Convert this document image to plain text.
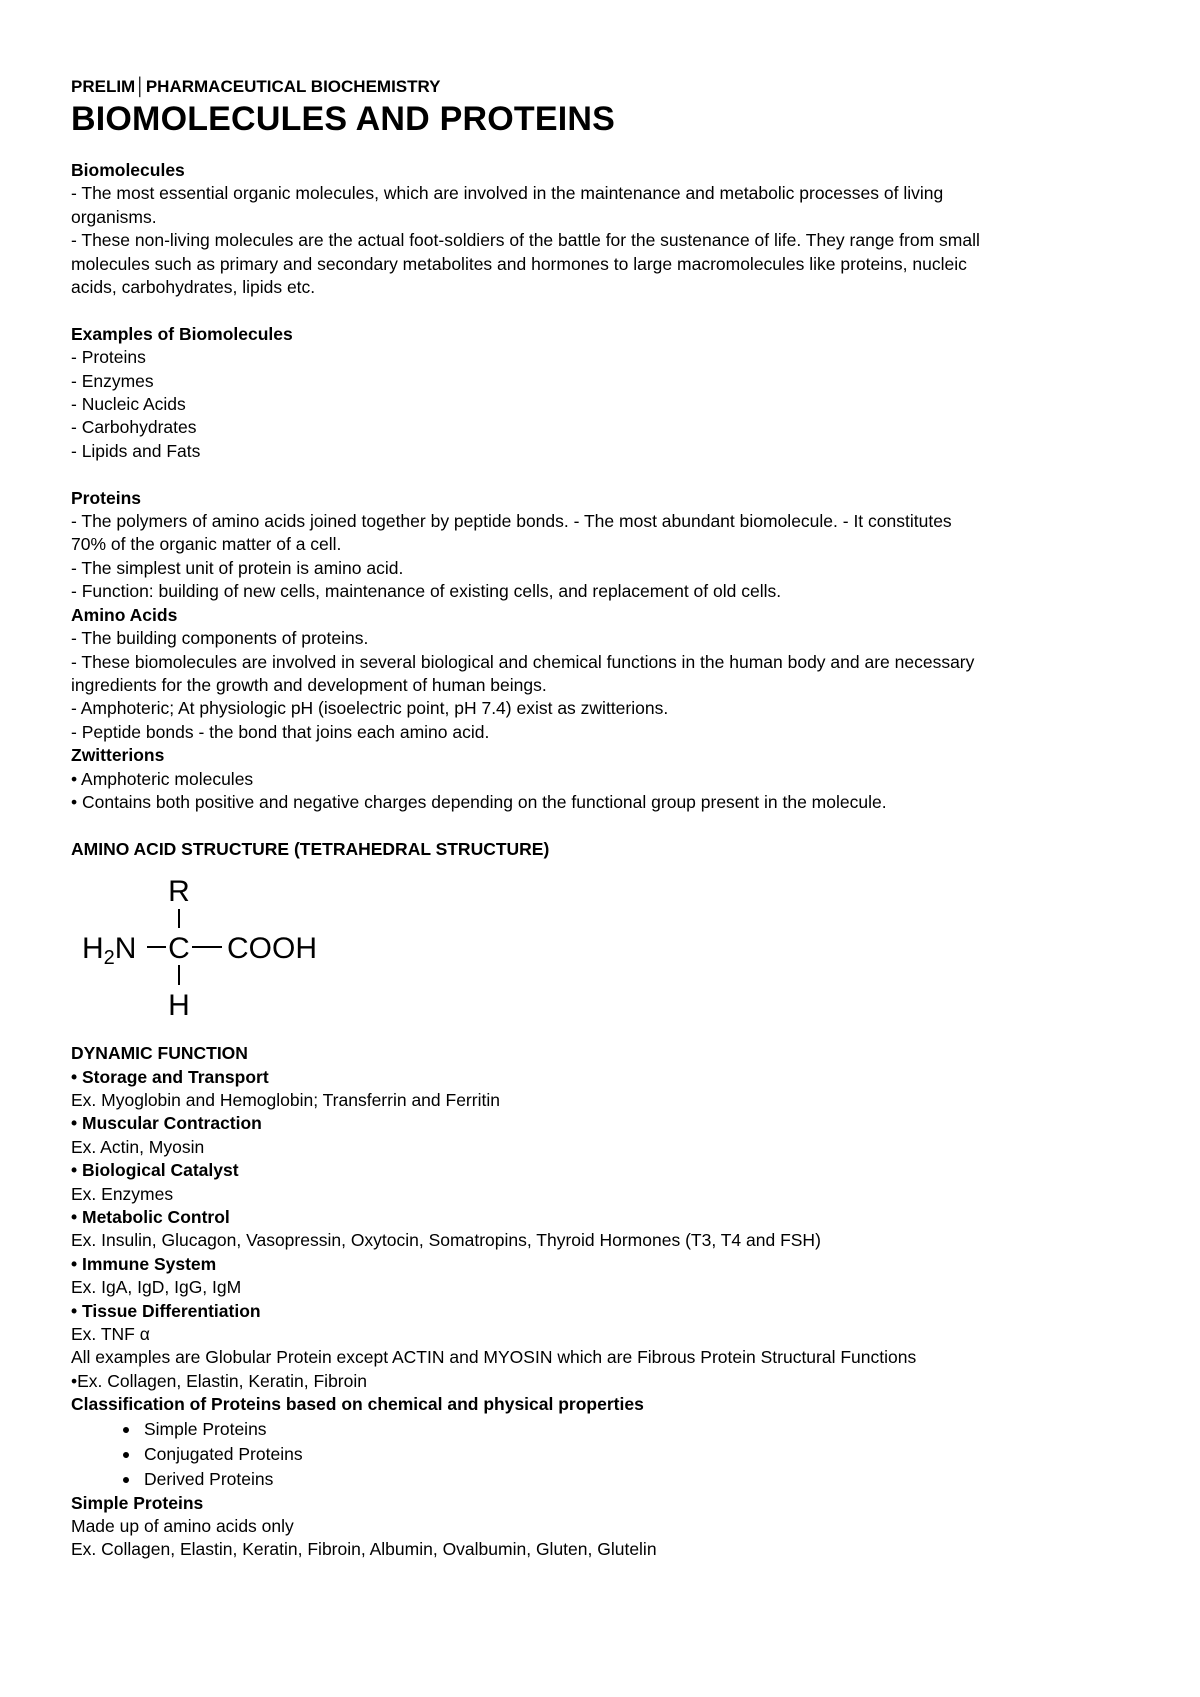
PRELIM│PHARMACEUTICAL BIOCHEMISTRY
BIOMOLECULES AND PROTEINS
Biomolecules
- The most essential organic molecules, which are involved in the maintenance and metabolic processes of living
organisms.
- These non-living molecules are the actual foot-soldiers of the battle for the sustenance of life. They range from small
molecules such as primary and secondary metabolites and hormones to large macromolecules like proteins, nucleic
acids, carbohydrates, lipids etc.
Examples of Biomolecules
- Proteins
- Enzymes
- Nucleic Acids
- Carbohydrates
- Lipids and Fats
Proteins
- The polymers of amino acids joined together by peptide bonds. - The most abundant biomolecule. - It constitutes
70% of the organic matter of a cell.
- The simplest unit of protein is amino acid.
- Function: building of new cells, maintenance of existing cells, and replacement of old cells.
Amino Acids
- The building components of proteins.
- These biomolecules are involved in several biological and chemical functions in the human body and are necessary
ingredients for the growth and development of human beings.
- Amphoteric; At physiologic pH (isoelectric point, pH 7.4) exist as zwitterions.
- Peptide bonds - the bond that joins each amino acid.
Zwitterions
• Amphoteric molecules
• Contains both positive and negative charges depending on the functional group present in the molecule.
AMINO ACID STRUCTURE (TETRAHEDRAL STRUCTURE)
R
$H_2N$ C COOH
H
DYNAMIC FUNCTION
• Storage and Transport
Ex. Myoglobin and Hemoglobin; Transferrin and Ferritin
• Muscular Contraction
Ex. Actin, Myosin
• Biological Catalyst
Ex. Enzymes
• Metabolic Control
Ex. Insulin, Glucagon, Vasopressin, Oxytocin, Somatropins, Thyroid Hormones (T3, T4 and FSH)
• Immune System
Ex. IgA, IgD, IgG, IgM
• Tissue Differentiation
Ex. TNF α
All examples are Globular Protein except ACTIN and MYOSIN which are Fibrous Protein Structural Functions
•Ex. Collagen, Elastin, Keratin, Fibroin
Classification of Proteins based on chemical and physical properties
Simple Proteins
Conjugated Proteins
Derived Proteins
Simple Proteins
Made up of amino acids only
Ex. Collagen, Elastin, Keratin, Fibroin, Albumin, Ovalbumin, Gluten, Glutelin
